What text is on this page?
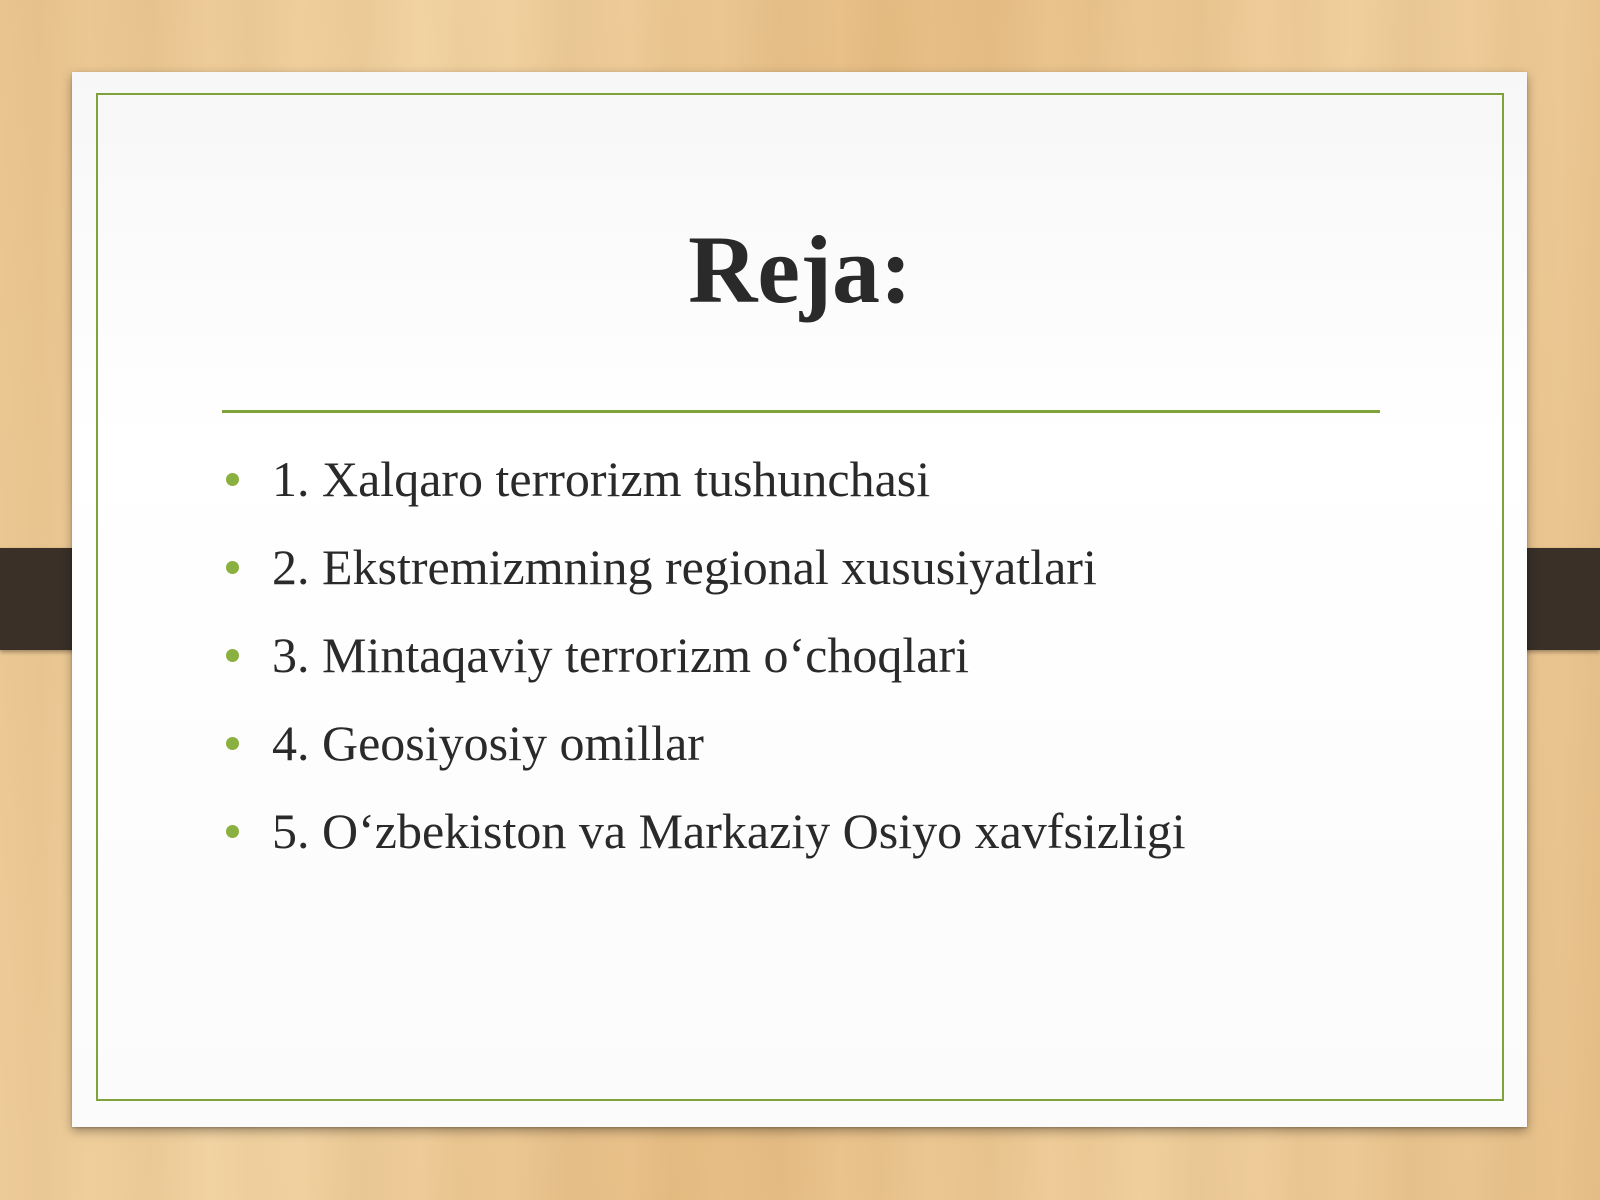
Reja:
1. Xalqaro terrorizm tushunchasi
2. Ekstremizmning regional xususiyatlari
3. Mintaqaviy terrorizm o‘choqlari
4. Geosiyosiy omillar
5. O‘zbekiston va Markaziy Osiyo xavfsizligi
